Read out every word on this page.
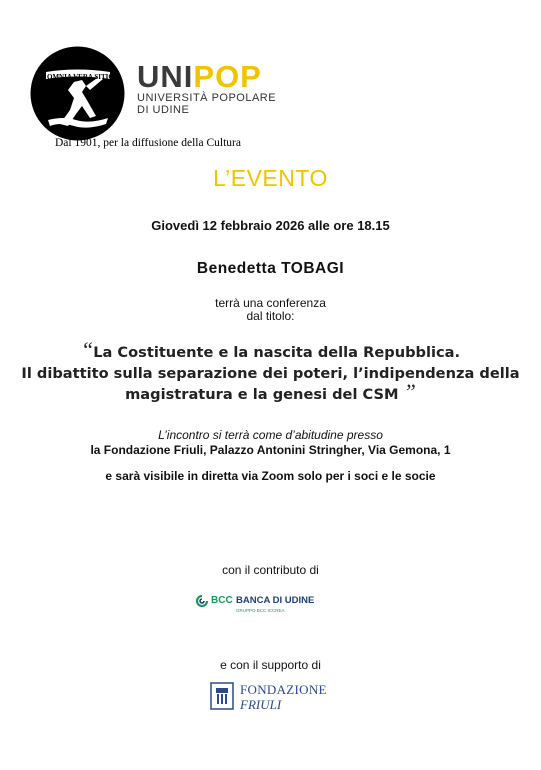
OMNIA VERA SITIC UNIPOP
UNIVERSITÀ POPOLARE
DI UDINE
Dal 1901, per la diffusione della Cultura
L’EVENTO
Giovedì 12 febbraio 2026 alle ore 18.15
Benedetta TOBAGI
terrà una conferenza
dal titolo:
“La Costituente e la nascita della Repubblica.
Il dibattito sulla separazione dei poteri, l’indipendenza della
magistratura e la genesi del CSM ”
L’incontro si terrà come d’abitudine presso
la Fondazione Friuli, Palazzo Antonini Stringher, Via Gemona, 1
e sarà visibile in diretta via Zoom solo per i soci e le socie
con il contributo di
BCC BANCA DI UDINE
GRUPPO BCC ICCREA
e con il supporto di
FONDAZIONE
FRIULI
